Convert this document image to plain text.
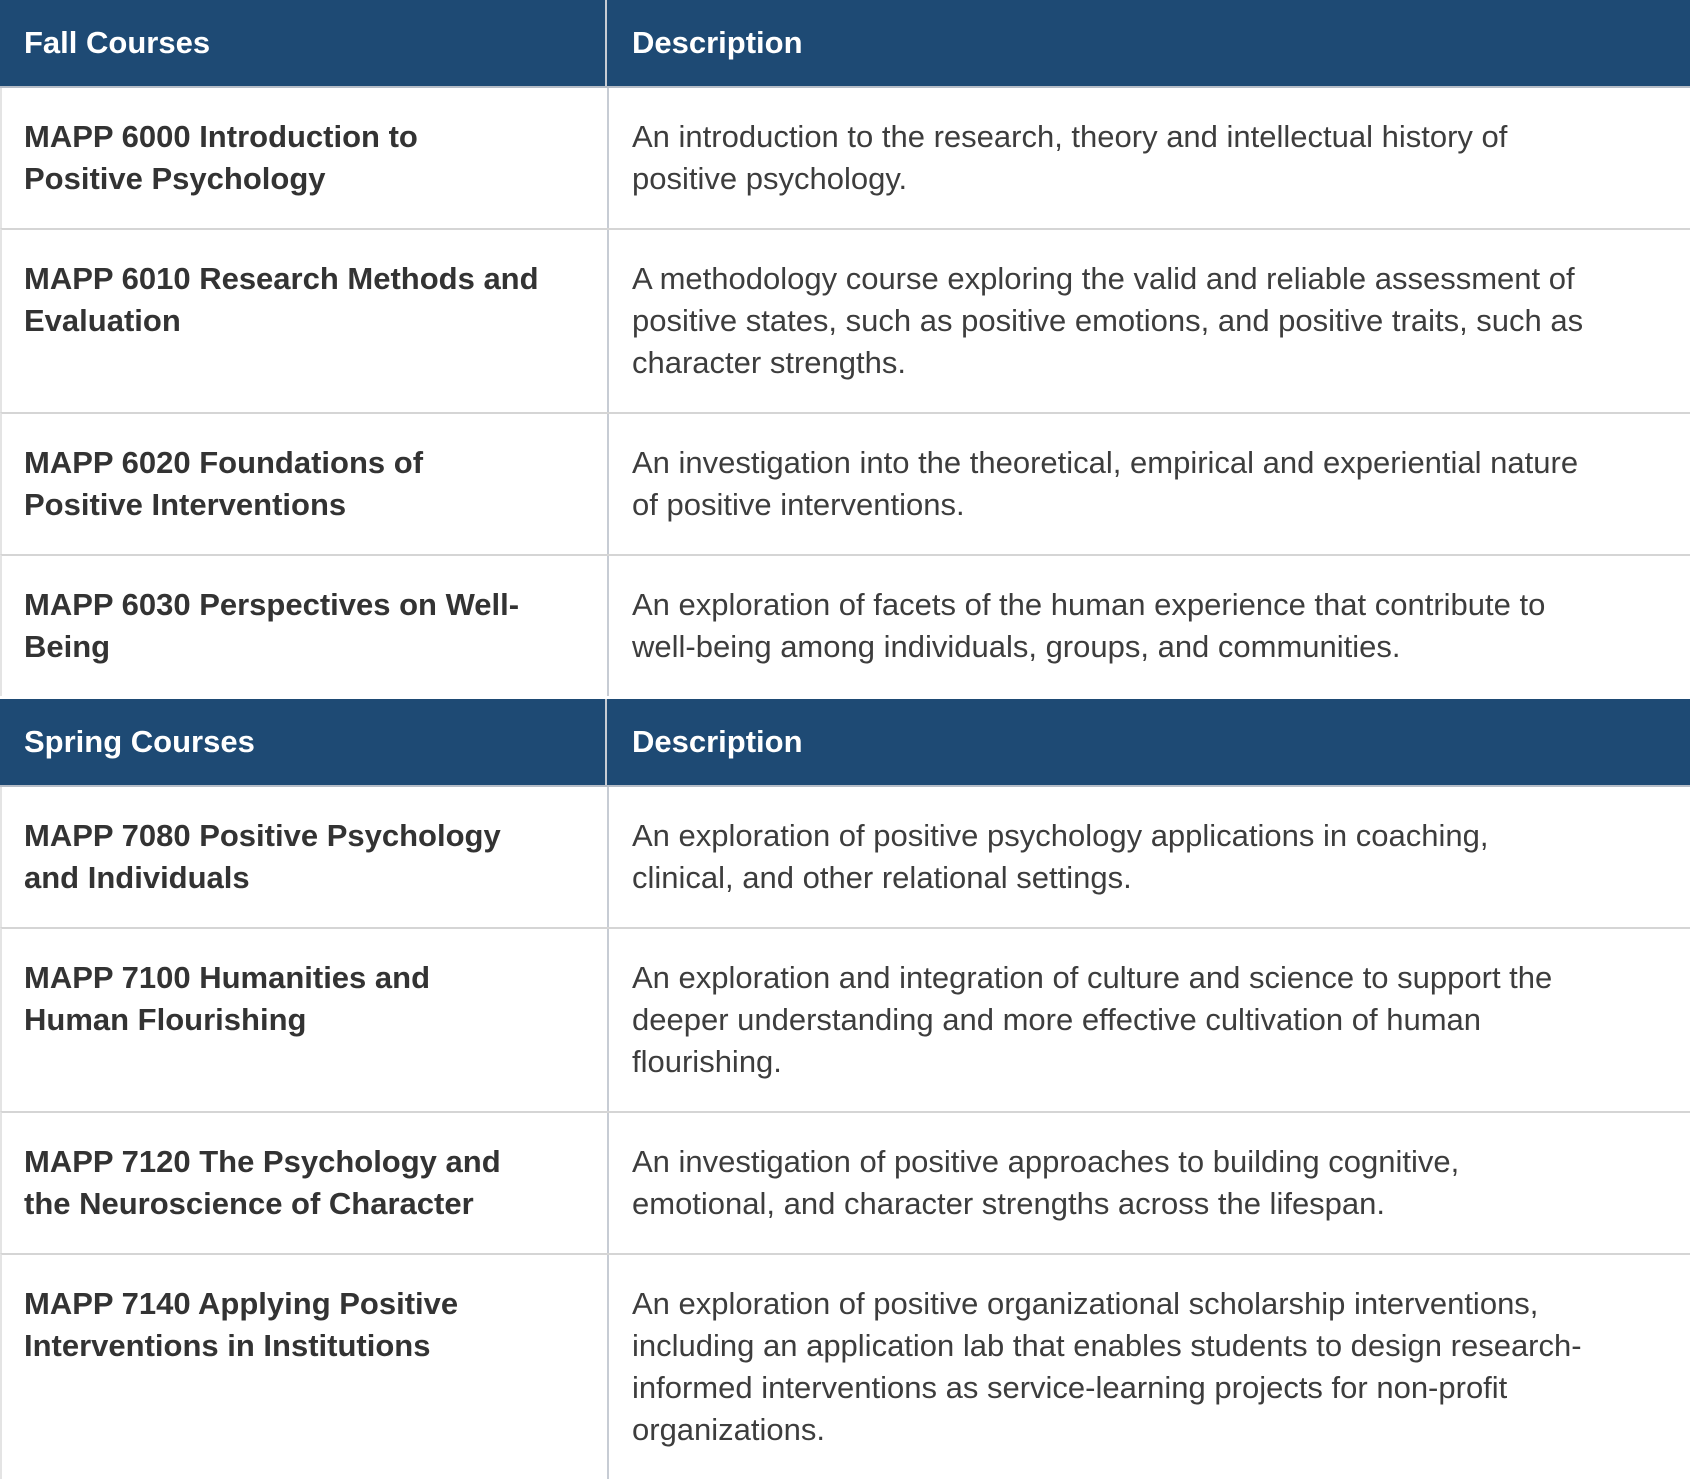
Fall Courses	Description
MAPP 6000 Introduction to Positive Psychology
An introduction to the research, theory and intellectual history of positive psychology.
MAPP 6010 Research Methods and Evaluation
A methodology course exploring the valid and reliable assessment of positive states, such as positive emotions, and positive traits, such as character strengths.
MAPP 6020 Foundations of Positive Interventions
An investigation into the theoretical, empirical and experiential nature of positive interventions.
MAPP 6030 Perspectives on Well-Being
An exploration of facets of the human experience that contribute to well-being among individuals, groups, and communities.
Spring Courses	Description
MAPP 7080 Positive Psychology and Individuals
An exploration of positive psychology applications in coaching, clinical, and other relational settings.
MAPP 7100 Humanities and Human Flourishing
An exploration and integration of culture and science to support the deeper understanding and more effective cultivation of human flourishing.
MAPP 7120 The Psychology and the Neuroscience of Character
An investigation of positive approaches to building cognitive, emotional, and character strengths across the lifespan.
MAPP 7140 Applying Positive Interventions in Institutions
An exploration of positive organizational scholarship interventions, including an application lab that enables students to design research-informed interventions as service-learning projects for non-profit organizations.
